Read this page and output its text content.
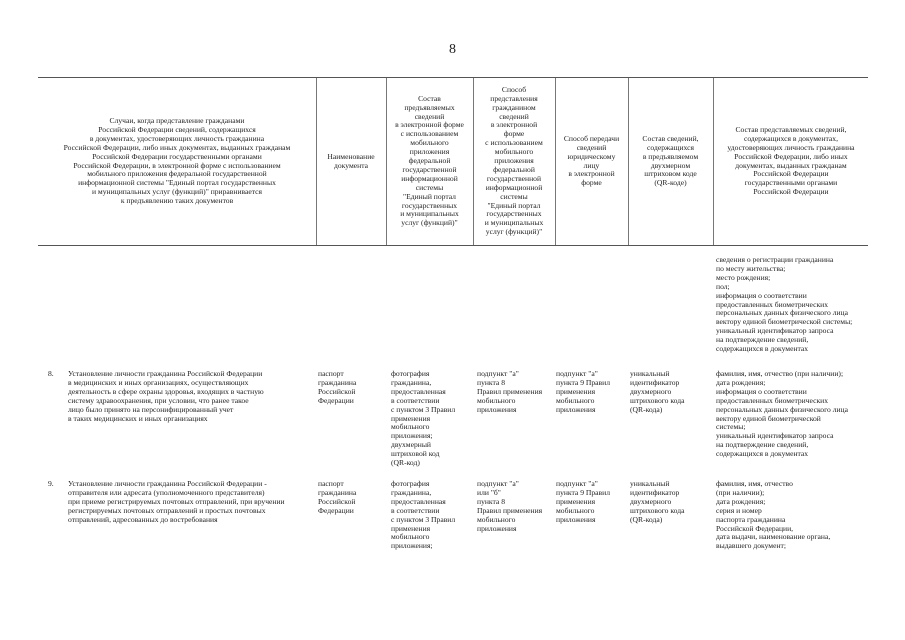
8
Случаи, когда представление гражданами
Российской Федерации сведений, содержащихся
в документах, удостоверяющих личность гражданина
Российской Федерации, либо иных документах, выданных гражданам
Российской Федерации государственными органами
Российской Федерации, в электронной форме с использованием
мобильного приложения федеральной государственной
информационной системы "Единый портал государственных
и муниципальных услуг (функций)" приравнивается
к предъявлению таких документов
Наименование
документа
Состав
предъявляемых
сведений
в электронной форме
с использованием
мобильного
приложения
федеральной
государственной
информационной
системы
"Единый портал
государственных
и муниципальных
услуг (функций)"
Способ
представления
гражданином
сведений
в электронной
форме
с использованием
мобильного
приложения
федеральной
государственной
информационной
системы
"Единый портал
государственных
и муниципальных
услуг (функций)"
Способ передачи
сведений
юридическому
лицу
в электронной
форме
Состав сведений,
содержащихся
в предъявляемом
двухмерном
штриховом коде
(QR-коде)
Состав представляемых сведений,
содержащихся в документах,
удостоверяющих личность гражданина
Российской Федерации, либо иных
документах, выданных гражданам
Российской Федерации
государственными органами
Российской Федерации
сведения о регистрации гражданина
по месту жительства;
место рождения;
пол;
информация о соответствии
предоставленных биометрических
персональных данных физического лица
вектору единой биометрической системы;
уникальный идентификатор запроса
на подтверждение сведений,
содержащихся в документах
8. Установление личности гражданина Российской Федерации
в медицинских и иных организациях, осуществляющих
деятельность в сфере охраны здоровья, входящих в частную
систему здравоохранения, при условии, что ранее такое
лицо было принято на персонифицированный учет
в таких медицинских и иных организациях
паспорт
гражданина
Российской
Федерации
фотография
гражданина,
предоставленная
в соответствии
с пунктом 3 Правил
применения
мобильного
приложения;
двухмерный
штриховой код
(QR-код)
подпункт "а"
пункта 8
Правил применения
мобильного
приложения
подпункт "а"
пункта 9 Правил
применения
мобильного
приложения
уникальный
идентификатор
двухмерного
штрихового кода
(QR-кода)
фамилия, имя, отчество (при наличии);
дата рождения;
информация о соответствии
предоставленных биометрических
персональных данных физического лица
вектору единой биометрической
системы;
уникальный идентификатор запроса
на подтверждение сведений,
содержащихся в документах
9. Установление личности гражданина Российской Федерации -
отправителя или адресата (уполномоченного представителя)
при приеме регистрируемых почтовых отправлений, при вручении
регистрируемых почтовых отправлений и простых почтовых
отправлений, адресованных до востребования
паспорт
гражданина
Российской
Федерации
фотография
гражданина,
предоставленная
в соответствии
с пунктом 3 Правил
применения
мобильного
приложения;
подпункт "а"
или "б"
пункта 8
Правил применения
мобильного
приложения
подпункт "а"
пункта 9 Правил
применения
мобильного
приложения
уникальный
идентификатор
двухмерного
штрихового кода
(QR-кода)
фамилия, имя, отчество
(при наличии);
дата рождения;
серия и номер
паспорта гражданина
Российской Федерации,
дата выдачи, наименование органа,
выдавшего документ;
